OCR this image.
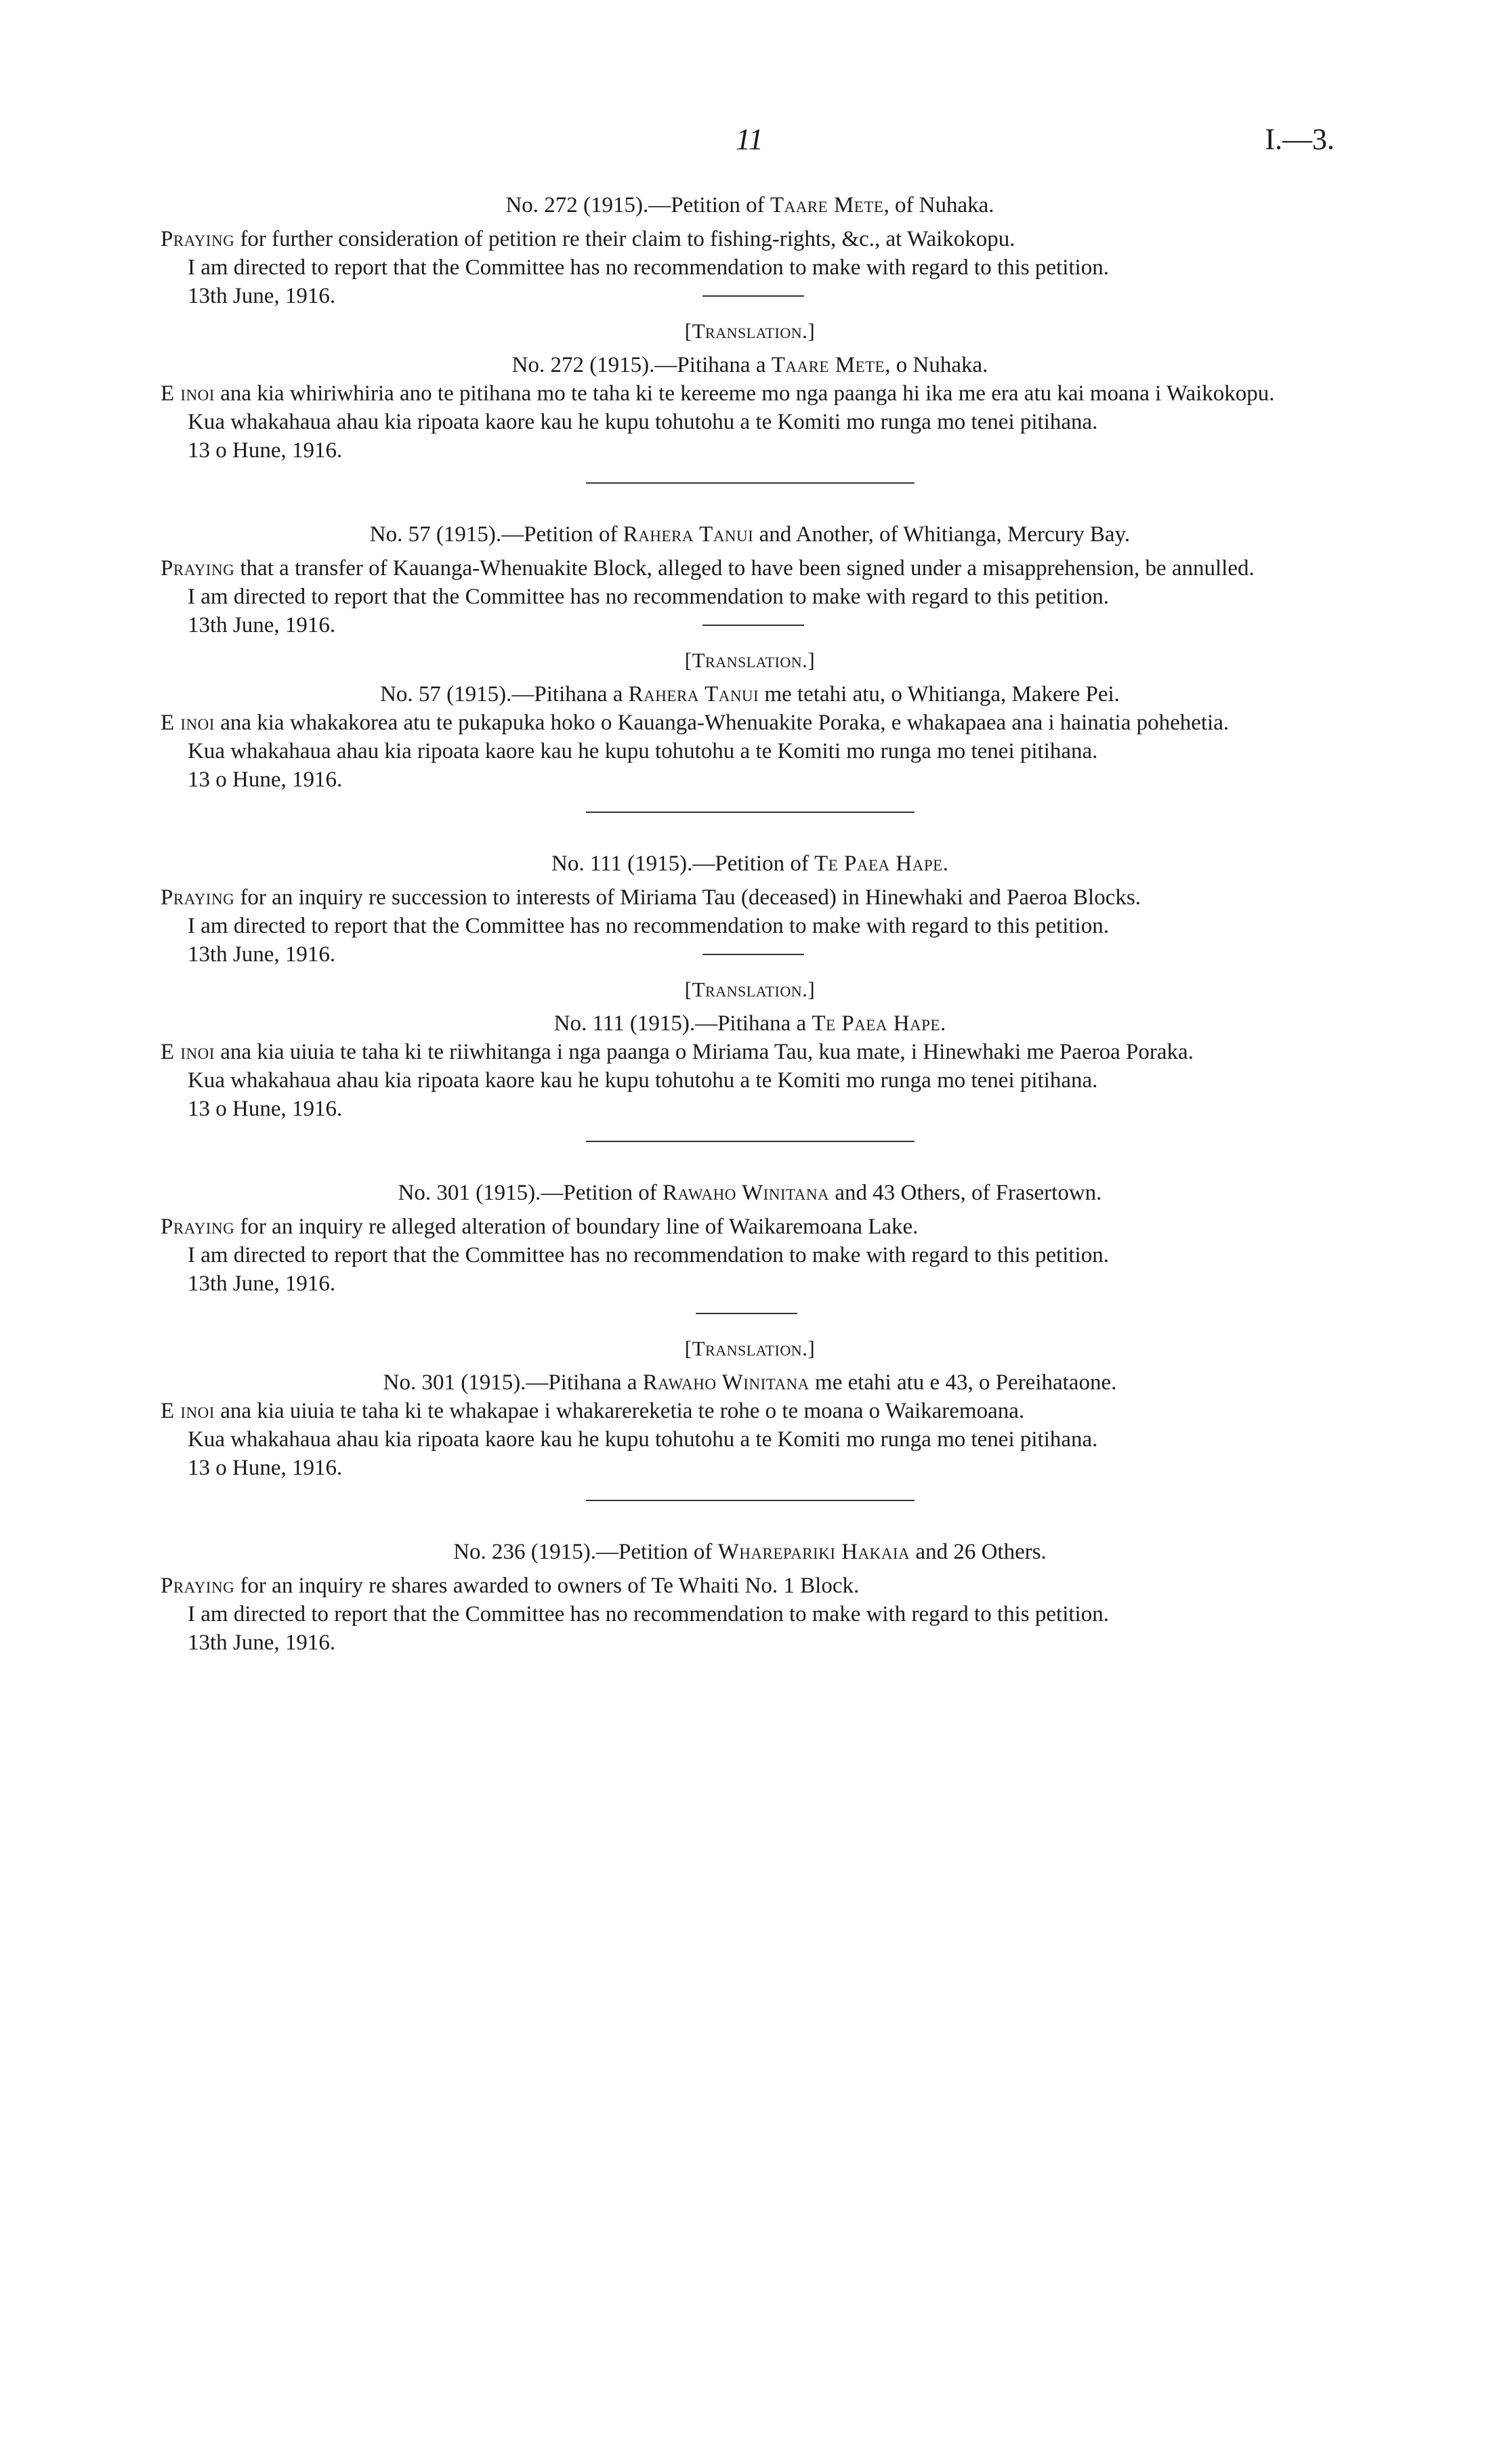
11	I.—3.

No. 272 (1915).—Petition of Taare Mete, of Nuhaka.

Praying for further consideration of petition re their claim to fishing-rights, &c., at Waikokopu.

I am directed to report that the Committee has no recommendation to make with regard to this petition.

13th June, 1916.

[Translation.]

No. 272 (1915).—Pitihana a Taare Mete, o Nuhaka.

E inoi ana kia whiriwhiria ano te pitihana mo te taha ki te kereeme mo nga paanga hi ika me era atu kai moana i Waikokopu.

Kua whakahaua ahau kia ripoata kaore kau he kupu tohutohu a te Komiti mo runga mo tenei pitihana.

13 o Hune, 1916.

No. 57 (1915).—Petition of Rahera Tanui and Another, of Whitianga, Mercury Bay.

Praying that a transfer of Kauanga-Whenuakite Block, alleged to have been signed under a misapprehension, be annulled.

I am directed to report that the Committee has no recommendation to make with regard to this petition.

13th June, 1916.

[Translation.]

No. 57 (1915).—Pitihana a Rahera Tanui me tetahi atu, o Whitianga, Makere Pei.

E inoi ana kia whakakorea atu te pukapuka hoko o Kauanga-Whenuakite Poraka, e whakapaea ana i hainatia pohehetia.

Kua whakahaua ahau kia ripoata kaore kau he kupu tohutohu a te Komiti mo runga mo tenei pitihana.

13 o Hune, 1916.

No. 111 (1915).—Petition of Te Paea Hape.

Praying for an inquiry re succession to interests of Miriama Tau (deceased) in Hinewhaki and Paeroa Blocks.

I am directed to report that the Committee has no recommendation to make with regard to this petition.

13th June, 1916.

[Translation.]

No. 111 (1915).—Pitihana a Te Paea Hape.

E inoi ana kia uiuia te taha ki te riiwhitanga i nga paanga o Miriama Tau, kua mate, i Hinewhaki me Paeroa Poraka.

Kua whakahaua ahau kia ripoata kaore kau he kupu tohutohu a te Komiti mo runga mo tenei pitihana.

13 o Hune, 1916.

No. 301 (1915).—Petition of Rawaho Winitana and 43 Others, of Frasertown.

Praying for an inquiry re alleged alteration of boundary line of Waikaremoana Lake.

I am directed to report that the Committee has no recommendation to make with regard to this petition.

13th June, 1916.

[Translation.]

No. 301 (1915).—Pitihana a Rawaho Winitana me etahi atu e 43, o Pereihataone.

E inoi ana kia uiuia te taha ki te whakapae i whakarereketia te rohe o te moana o Waikaremoana.

Kua whakahaua ahau kia ripoata kaore kau he kupu tohutohu a te Komiti mo runga mo tenei pitihana.

13 o Hune, 1916.

No. 236 (1915).—Petition of Wharepariki Hakaia and 26 Others.

Praying for an inquiry re shares awarded to owners of Te Whaiti No. 1 Block.

I am directed to report that the Committee has no recommendation to make with regard to this petition.

13th June, 1916.
